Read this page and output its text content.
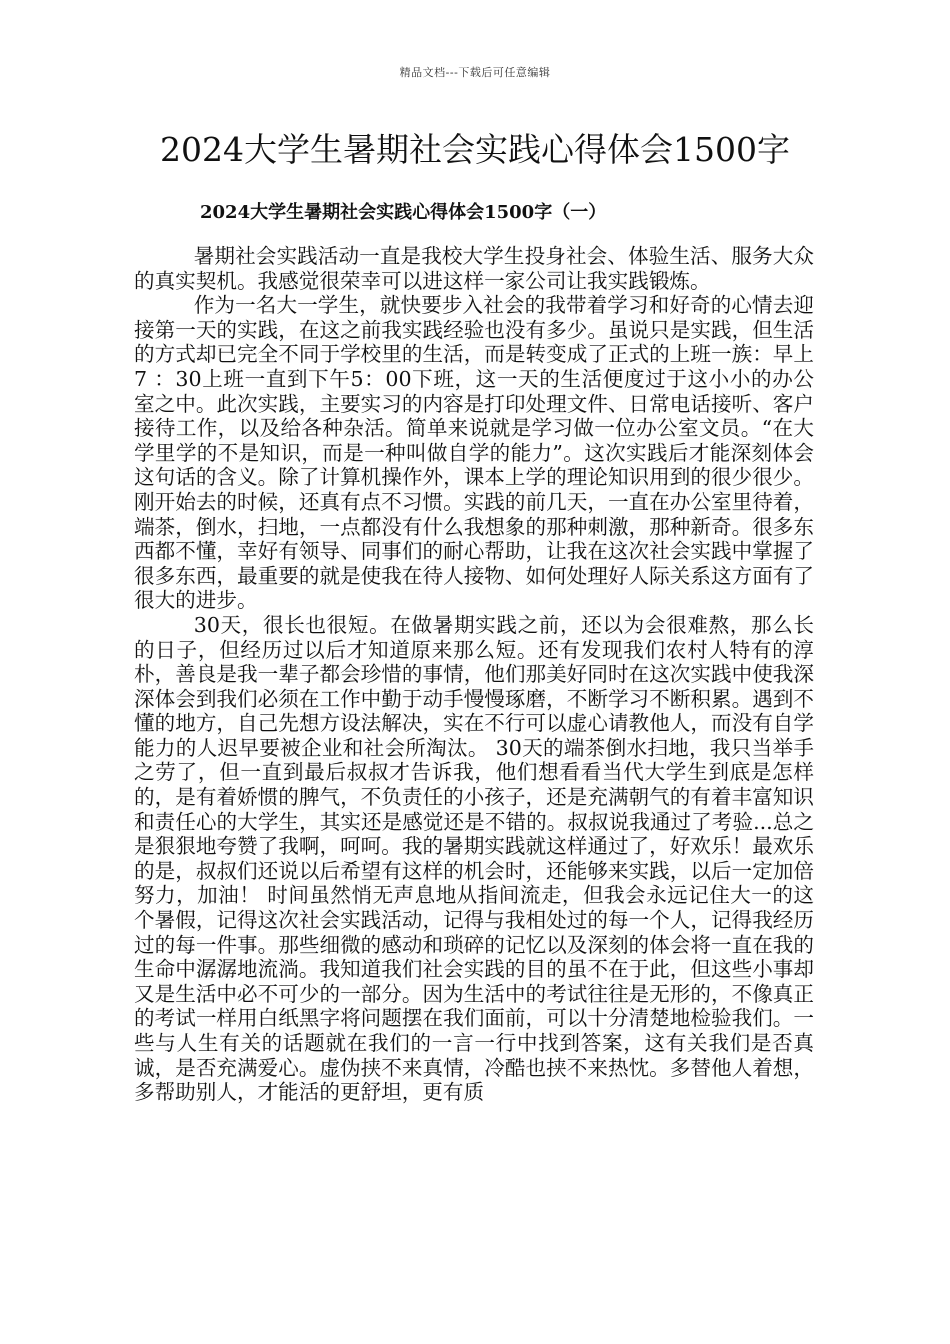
精品文档---下载后可任意编辑
2024大学生暑期社会实践心得体会1500字
2024大学生暑期社会实践心得体会1500字（一）

暑期社会实践活动一直是我校大学生投身社会、体验生活、服务大众的真实契机。我感觉很荣幸可以进这样一家公司让我实践锻炼。

作为一名大一学生，就快要步入社会的我带着学习和好奇的心情去迎接第一天的实践，在这之前我实践经验也没有多少。虽说只是实践，但生活的方式却已完全不同于学校里的生活，而是转变成了正式的上班一族：早上7 ：30上班一直到下午5：00下班，这一天的生活便度过于这小小的办公室之中。此次实践，主要实习的内容是打印处理文件、日常电话接听、客户接待工作，以及给各种杂活。简单来说就是学习做一位办公室文员。“在大学里学的不是知识，而是一种叫做自学的能力”。这次实践后才能深刻体会这句话的含义。除了计算机操作外，课本上学的理论知识用到的很少很少。刚开始去的时候，还真有点不习惯。实践的前几天，一直在办公室里待着，端茶，倒水，扫地，一点都没有什么我想象的那种刺激，那种新奇。很多东西都不懂，幸好有领导、同事们的耐心帮助，让我在这次社会实践中掌握了很多东西，最重要的就是使我在待人接物、如何处理好人际关系这方面有了很大的进步。

30天，很长也很短。在做暑期实践之前，还以为会很难熬，那么长的日子，但经历过以后才知道原来那么短。还有发现我们农村人特有的淳朴，善良是我一辈子都会珍惜的事情，他们那美好同时在这次实践中使我深深体会到我们必须在工作中勤于动手慢慢琢磨，不断学习不断积累。遇到不懂的地方，自己先想方设法解决，实在不行可以虚心请教他人，而没有自学能力的人迟早要被企业和社会所淘汰。 30天的端茶倒水扫地，我只当举手之劳了，但一直到最后叔叔才告诉我，他们想看看当代大学生到底是怎样的，是有着娇惯的脾气，不负责任的小孩子，还是充满朝气的有着丰富知识和责任心的大学生，其实还是感觉还是不错的。叔叔说我通过了考验...总之是狠狠地夸赞了我啊，呵呵。我的暑期实践就这样通过了，好欢乐！最欢乐的是，叔叔们还说以后希望有这样的机会时，还能够来实践，以后一定加倍努力，加油！ 时间虽然悄无声息地从指间流走，但我会永远记住大一的这个暑假，记得这次社会实践活动，记得与我相处过的每一个人，记得我经历过的每一件事。那些细微的感动和琐碎的记忆以及深刻的体会将一直在我的生命中潺潺地流淌。我知道我们社会实践的目的虽不在于此，但这些小事却又是生活中必不可少的一部分。因为生活中的考试往往是无形的，不像真正的考试一样用白纸黑字将问题摆在我们面前，可以十分清楚地检验我们。一些与人生有关的话题就在我们的一言一行中找到答案，这有关我们是否真诚，是否充满爱心。虚伪挟不来真情，冷酷也挟不来热忱。多替他人着想，多帮助别人，才能活的更舒坦，更有质
